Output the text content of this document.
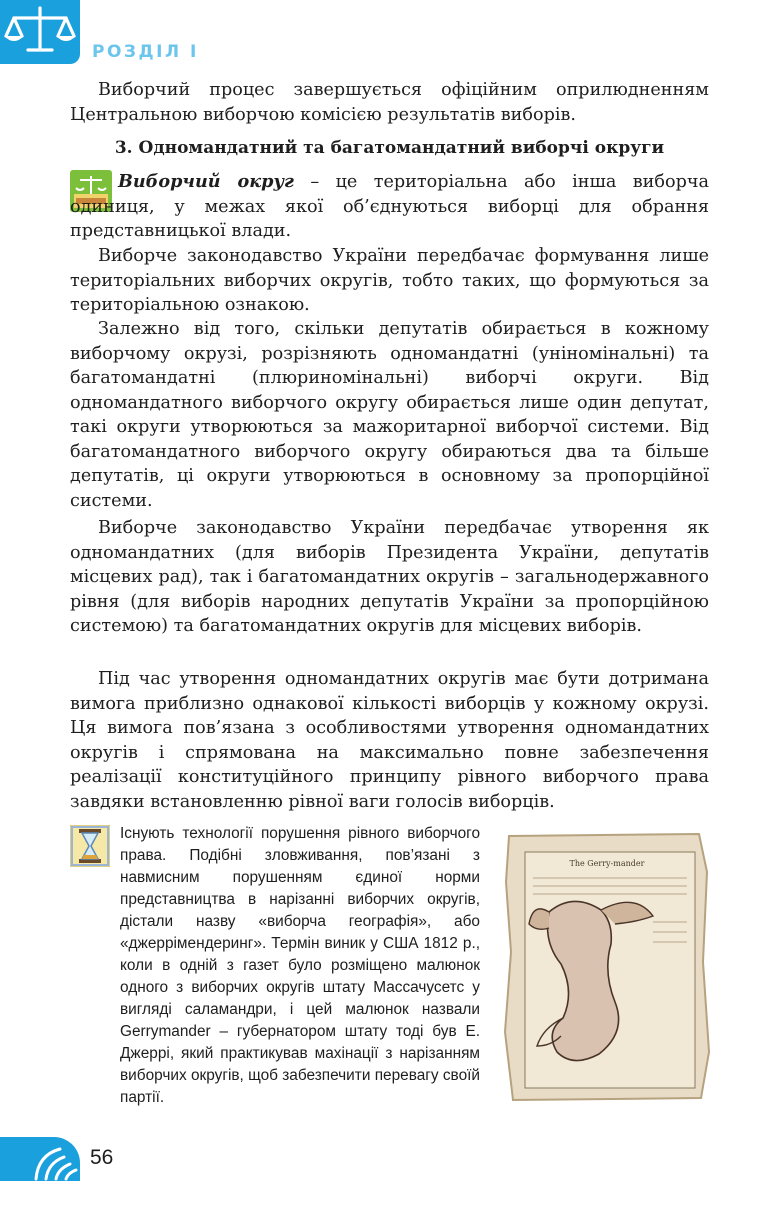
РОЗДІЛ І

Виборчий процес завершується офіційним оприлюдненням Центральною виборчою комісією результатів виборів.

3. Одномандатний та багатомандатний виборчі округи

Виборчий округ – це територіальна або інша виборча одиниця, у межах якої об’єднуються виборці для обрання представницької влади.

Виборче законодавство України передбачає формування лише територіальних виборчих округів, тобто таких, що формуються за територіальною ознакою.

Залежно від того, скільки депутатів обирається в кожному виборчому окрузі, розрізняють одномандатні (уніномінальні) та багатомандатні (плюриномінальні) виборчі округи. Від одномандатного виборчого округу обирається лише один депутат, такі округи утворюються за мажоритарної виборчої системи. Від багатомандатного виборчого округу обираються два та більше депутатів, ці округи утворюються в основному за пропорційної системи.

Виборче законодавство України передбачає утворення як одномандатних (для виборів Президента України, депутатів місцевих рад), так і багатомандатних округів – загальнодержавного рівня (для виборів народних депутатів України за пропорційною системою) та багатомандатних округів для місцевих виборів.

Під час утворення одномандатних округів має бути дотримана вимога приблизно однакової кількості виборців у кожному окрузі. Ця вимога пов’язана з особливостями утворення одномандатних округів і спрямована на максимально повне забезпечення реалізації конституційного принципу рівного виборчого права завдяки встановленню рівної ваги голосів виборців.

Існують технології порушення рівного виборчого права. Подібні зловживання, пов’язані з навмисним порушенням єдиної норми представництва в нарізанні виборчих округів, дістали назву «виборча географія», або «джеррімендеринг». Термін виник у США 1812 р., коли в одній з газет було розміщено малюнок одного з виборчих округів штату Массачусетс у вигляді саламандри, і цей малюнок назвали Gerrymander – губернатором штату тоді був Е. Джеррі, який практикував махінації з нарізанням виборчих округів, щоб забезпечити перевагу своїй партії.

The Gerry-mander
56
